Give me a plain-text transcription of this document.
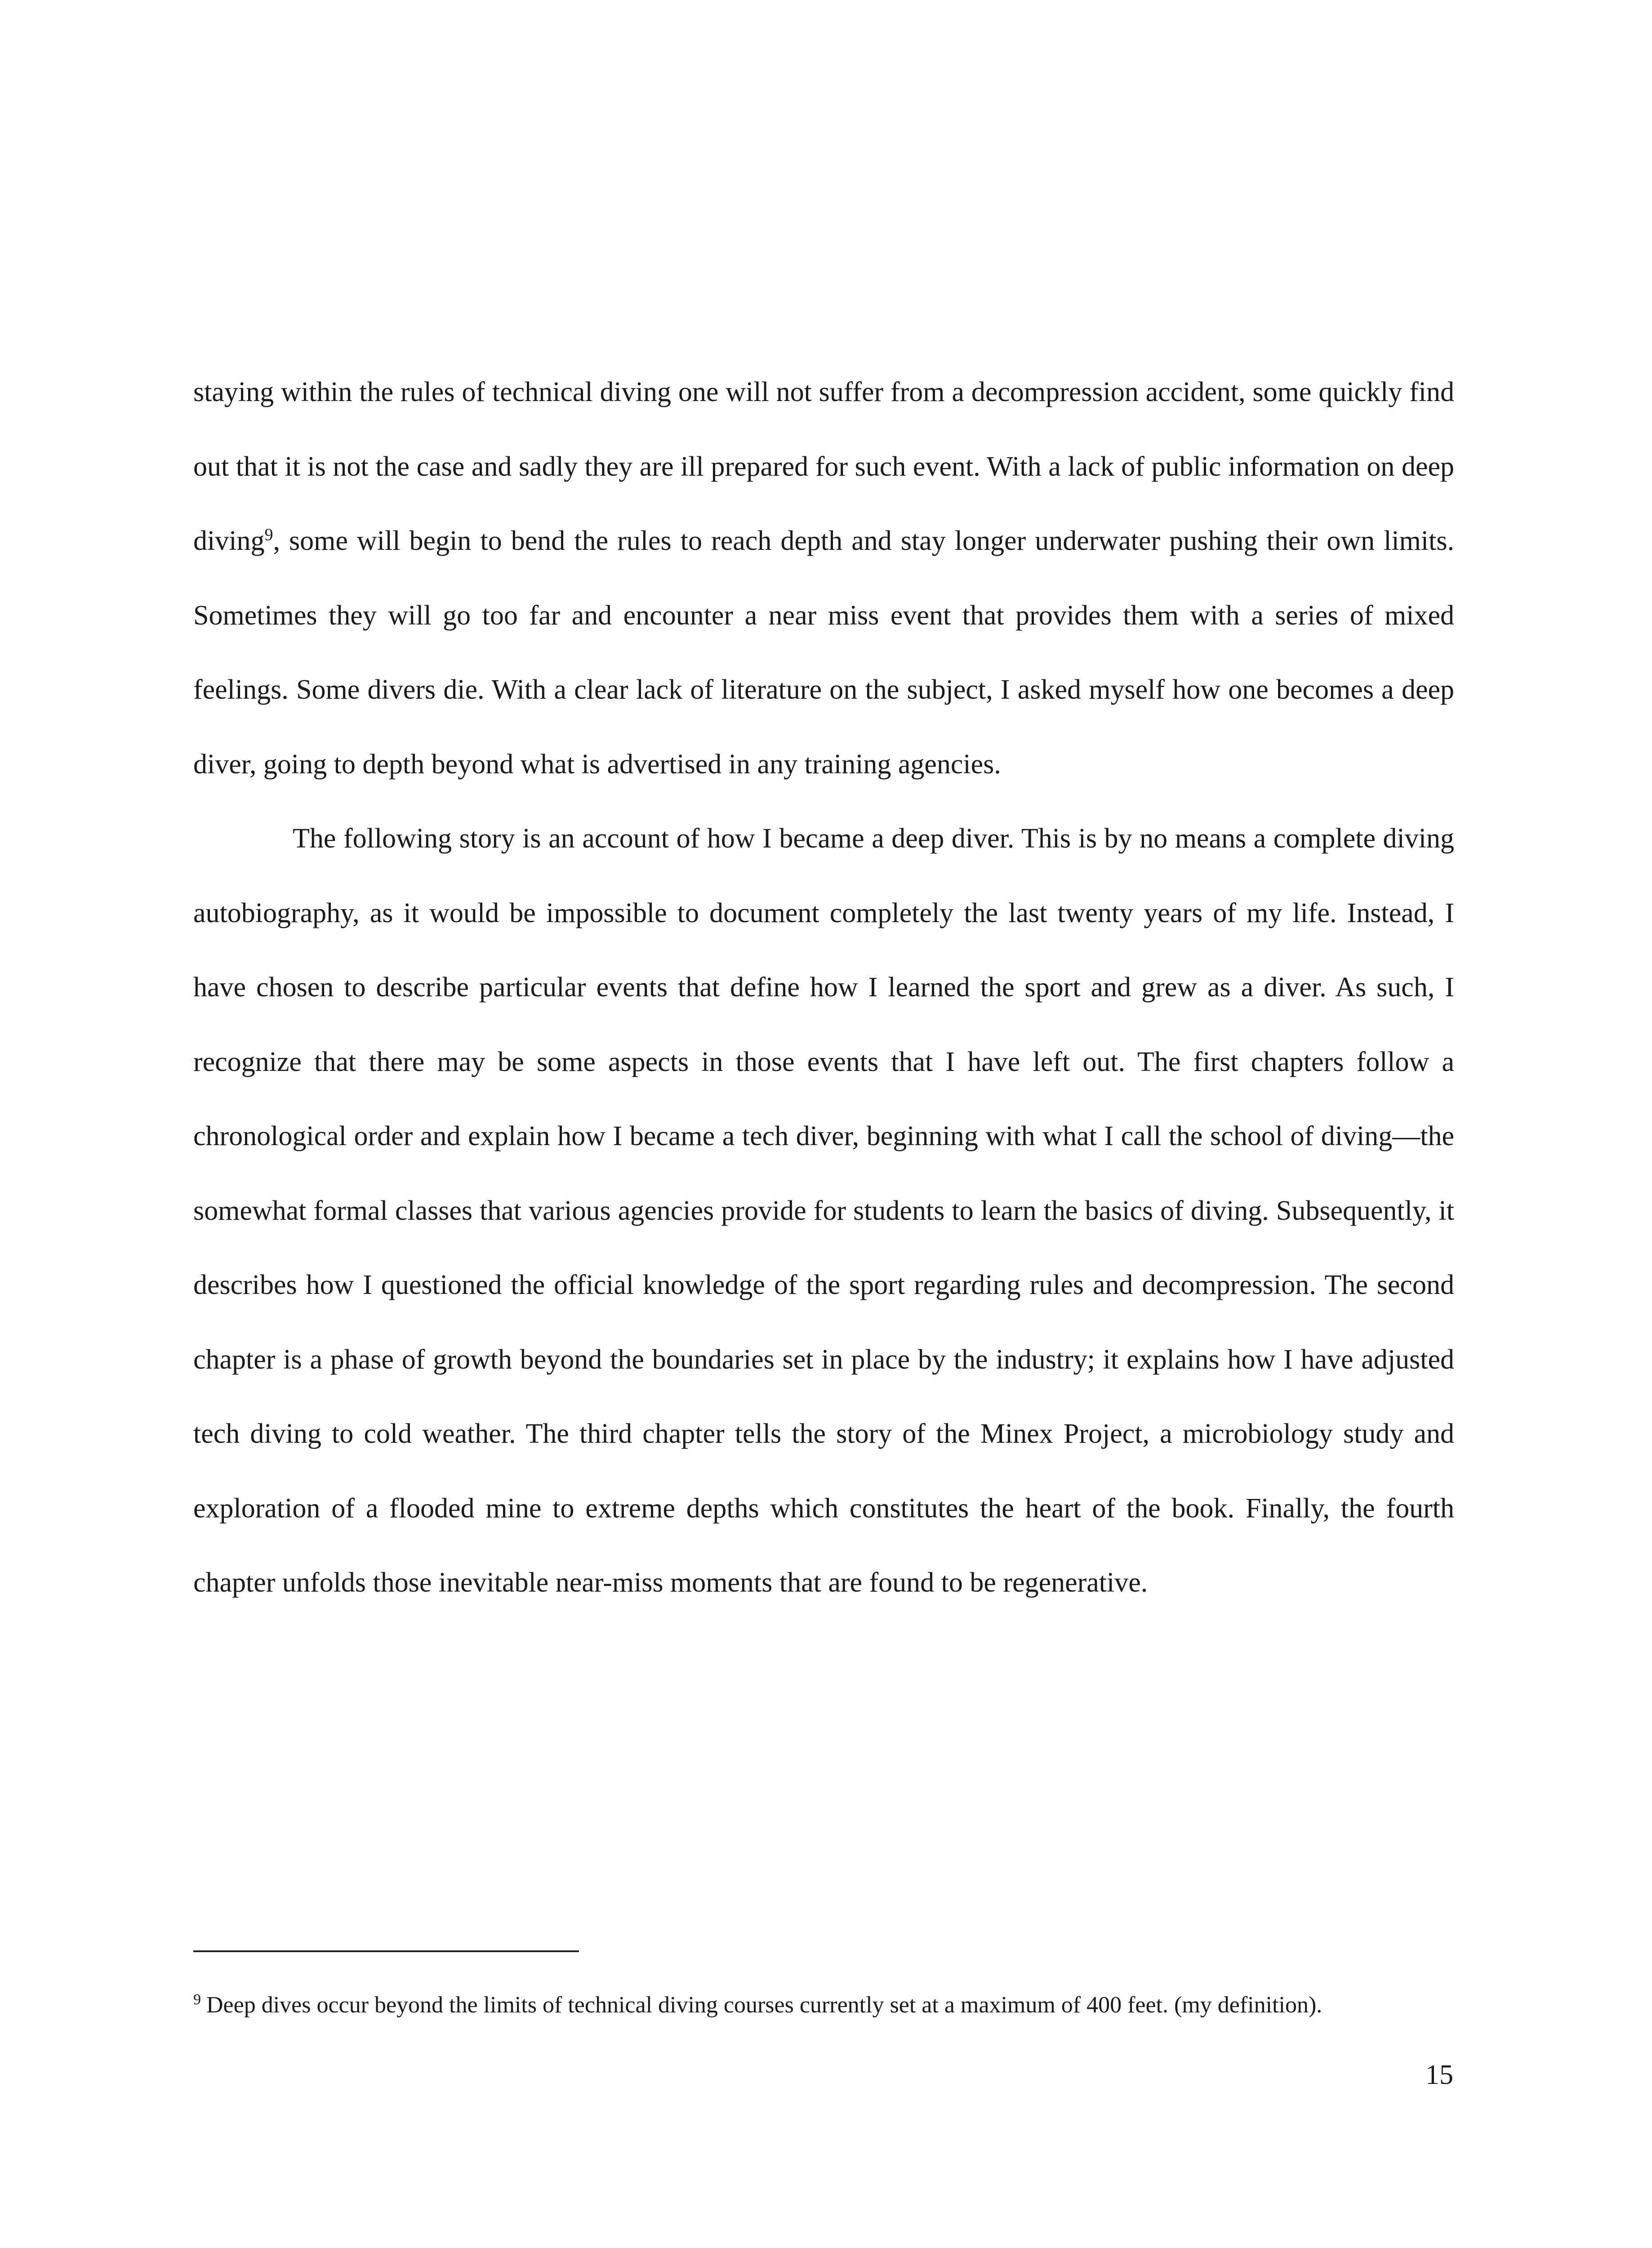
staying within the rules of technical diving one will not suffer from a decompression accident, some quickly find out that it is not the case and sadly they are ill prepared for such event. With a lack of public information on deep diving$^9$, some will begin to bend the rules to reach depth and stay longer underwater pushing their own limits. Sometimes they will go too far and encounter a near miss event that provides them with a series of mixed feelings. Some divers die. With a clear lack of literature on the subject, I asked myself how one becomes a deep diver, going to depth beyond what is advertised in any training agencies.

The following story is an account of how I became a deep diver. This is by no means a complete diving autobiography, as it would be impossible to document completely the last twenty years of my life. Instead, I have chosen to describe particular events that define how I learned the sport and grew as a diver. As such, I recognize that there may be some aspects in those events that I have left out. The first chapters follow a chronological order and explain how I became a tech diver, beginning with what I call the school of diving—the somewhat formal classes that various agencies provide for students to learn the basics of diving. Subsequently, it describes how I questioned the official knowledge of the sport regarding rules and decompression. The second chapter is a phase of growth beyond the boundaries set in place by the industry; it explains how I have adjusted tech diving to cold weather. The third chapter tells the story of the Minex Project, a microbiology study and exploration of a flooded mine to extreme depths which constitutes the heart of the book. Finally, the fourth chapter unfolds those inevitable near-miss moments that are found to be regenerative.

$^9$ Deep dives occur beyond the limits of technical diving courses currently set at a maximum of 400 feet. (my definition).
15
